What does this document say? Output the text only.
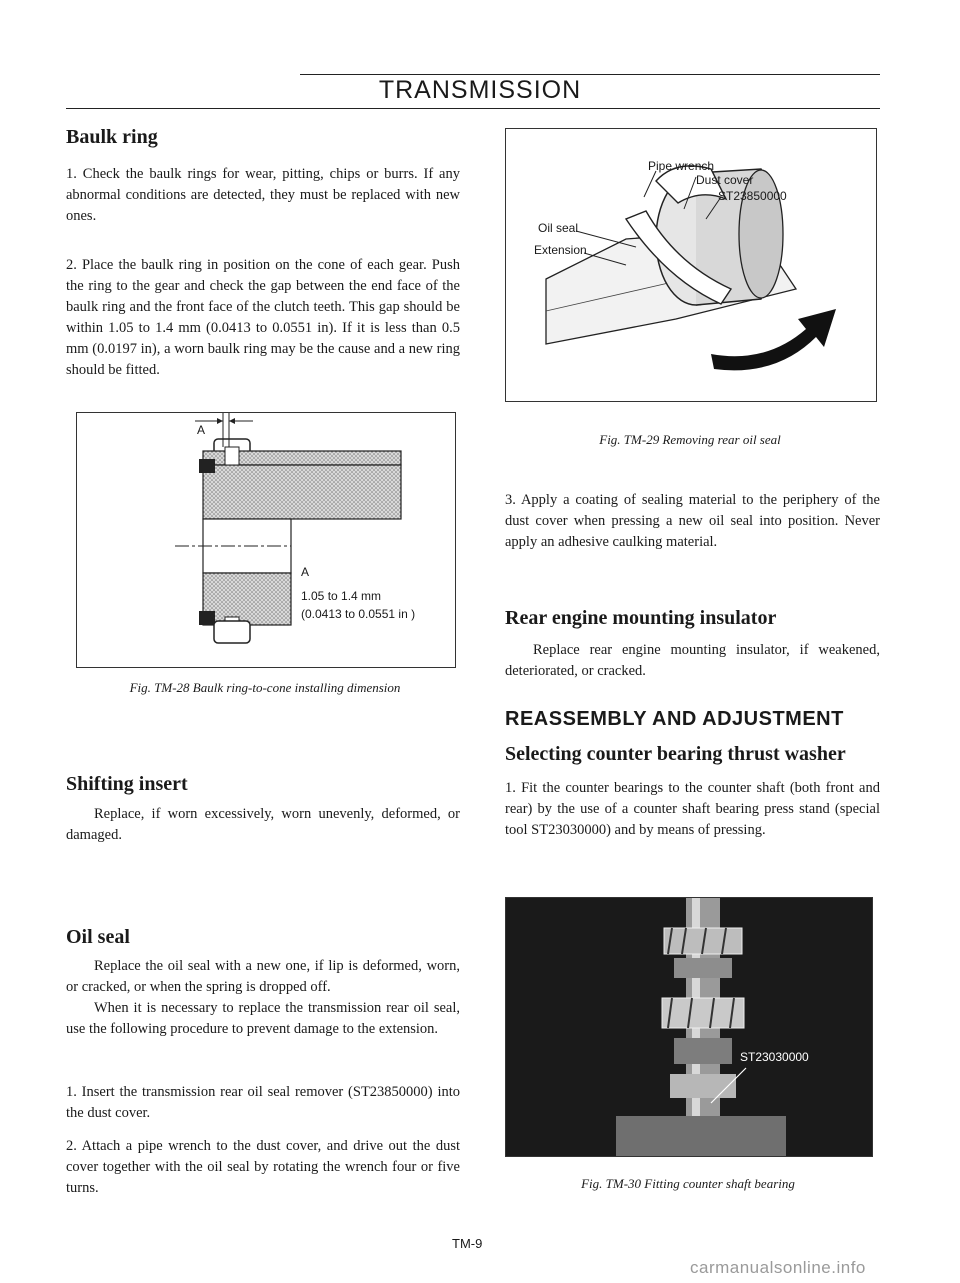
TRANSMISSION
Baulk ring

1. Check the baulk rings for wear, pitting, chips or burrs. If any abnormal conditions are detected, they must be replaced with new ones.

2. Place the baulk ring in position on the cone of each gear. Push the ring to the gear and check the gap between the end face of the baulk ring and the front face of the clutch teeth. This gap should be within 1.05 to 1.4 mm (0.0413 to 0.0551 in). If it is less than 0.5 mm (0.0197 in), a worn baulk ring may be the cause and a new ring should be fitted.

A
A
1.05 to 1.4 mm
(0.0413 to 0.0551 in )
Fig. TM-28 Baulk ring-to-cone installing dimension
Shifting insert

Replace, if worn excessively, worn unevenly, deformed, or damaged.

Oil seal

Replace the oil seal with a new one, if lip is deformed, worn, or cracked, or when the spring is dropped off.

When it is necessary to replace the transmission rear oil seal, use the following procedure to prevent damage to the extension.

1. Insert the transmission rear oil seal remover (ST23850000) into the dust cover.

2. Attach a pipe wrench to the dust cover, and drive out the dust cover together with the oil seal by rotating the wrench four or five turns.

Pipe wrench
Dust cover
ST23850000
Oil seal
Extension
Fig. TM-29 Removing rear oil seal

3. Apply a coating of sealing material to the periphery of the dust cover when pressing a new oil seal into position. Never apply an adhesive caulking material.

Rear engine mounting insulator

Replace rear engine mounting insulator, if weakened, deteriorated, or cracked.

REASSEMBLY AND ADJUSTMENT
Selecting counter bearing thrust washer

1. Fit the counter bearings to the counter shaft (both front and rear) by the use of a counter shaft bearing press stand (special tool ST23030000) and by means of pressing.

ST23030000
Fig. TM-30 Fitting counter shaft bearing
TM-9
carmanualsonline.info
